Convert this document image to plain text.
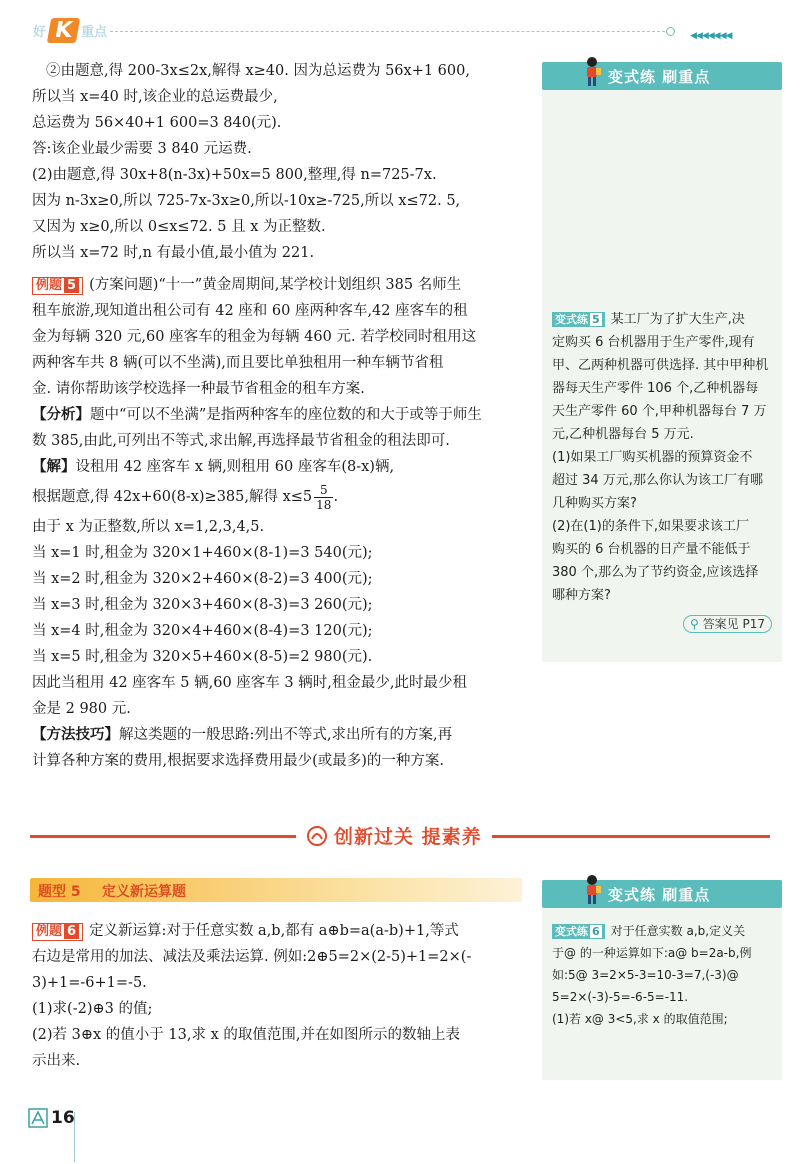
好 K 重点	◀◀◀◀◀◀◀
②由题意,得 200-3x≤2x,解得 x≥40. 因为总运费为 56x+1 600,
所以当 x=40 时,该企业的总运费最少,
总运费为 56×40+1 600=3 840(元).
答:该企业最少需要 3 840 元运费.
(2)由题意,得 30x+8(n-3x)+50x=5 800,整理,得 n=725-7x.
因为 n-3x≥0,所以 725-7x-3x≥0,所以-10x≥-725,所以 x≤72. 5,
又因为 x≥0,所以 0≤x≤72. 5 且 x 为正整数.
所以当 x=72 时,n 有最小值,最小值为 221.
例题 5 (方案问题)“十一”黄金周期间,某学校计划组织 385 名师生
租车旅游,现知道出租公司有 42 座和 60 座两种客车,42 座客车的租
金为每辆 320 元,60 座客车的租金为每辆 460 元. 若学校同时租用这
两种客车共 8 辆(可以不坐满),而且要比单独租用一种车辆节省租
金. 请你帮助该学校选择一种最节省租金的租车方案.
【分析】题中“可以不坐满”是指两种客车的座位数的和大于或等于师生
数 385,由此,可列出不等式,求出解,再选择最节省租金的租法即可.
【解】设租用 42 座客车 x 辆,则租用 60 座客车(8-x)辆,
根据题意,得 42x+60(8-x)≥385,解得 $x\le 5 \frac{5}{18}$ .
由于 x 为正整数,所以 x=1,2,3,4,5.
当 x=1 时,租金为 320×1+460×(8-1)=3 540(元);
当 x=2 时,租金为 320×2+460×(8-2)=3 400(元);
当 x=3 时,租金为 320×3+460×(8-3)=3 260(元);
当 x=4 时,租金为 320×4+460×(8-4)=3 120(元);
当 x=5 时,租金为 320×5+460×(8-5)=2 980(元).
因此当租用 42 座客车 5 辆,60 座客车 3 辆时,租金最少,此时最少租
金是 2 980 元.
【方法技巧】解这类题的一般思路:列出不等式,求出所有的方案,再
计算各种方案的费用,根据要求选择费用最少(或最多)的一种方案.
变式练 刷重点
变式练 5 某工厂为了扩大生产,决
定购买 6 台机器用于生产零件,现有
甲、乙两种机器可供选择. 其中甲种机
器每天生产零件 106 个,乙种机器每
天生产零件 60 个,甲种机器每台 7 万
元,乙种机器每台 5 万元.
(1)如果工厂购买机器的预算资金不
超过 34 万元,那么你认为该工厂有哪
几种购买方案?
(2)在(1)的条件下,如果要求该工厂
购买的 6 台机器的日产量不能低于
380 个,那么为了节约资金,应该选择
哪种方案?
⚲ 答案见 P17
创新过关 提素养
题型 5 定义新运算题
例题 6 定义新运算:对于任意实数 a,b,都有 a⊕b=a(a-b)+1,等式
右边是常用的加法、减法及乘法运算. 例如:2⊕5=2×(2-5)+1=2×(-
3)+1=-6+1=-5.
(1)求(-2)⊕3 的值;
(2)若 3⊕x 的值小于 13,求 x 的取值范围,并在如图所示的数轴上表
示出来.
变式练 刷重点
变式练 6 对于任意实数 a,b,定义关
于@ 的一种运算如下:a@ b=2a-b,例
如:5@ 3=2×5-3=10-3=7,(-3)@
5=2×(-3)-5=-6-5=-11.
(1)若 x@ 3<5,求 x 的取值范围;
16
